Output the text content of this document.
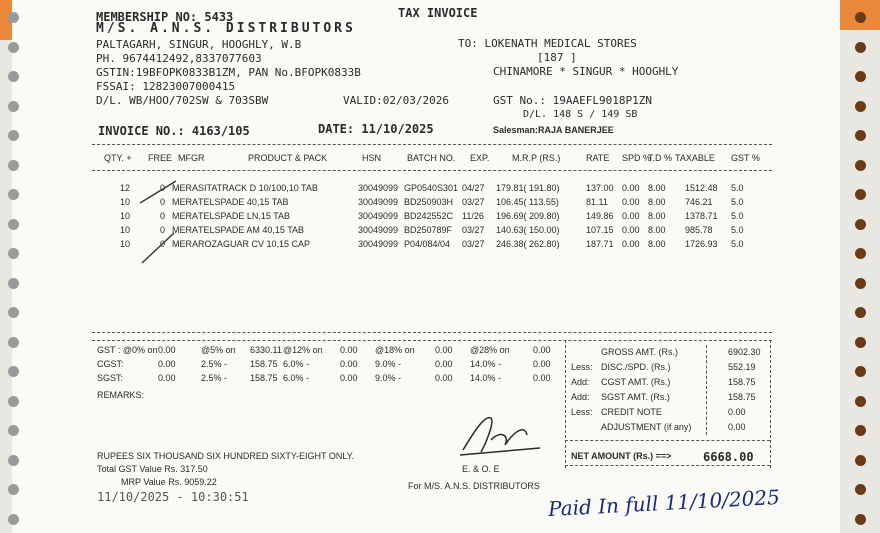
TAX INVOICE
MEMBERSHIP NO: 5433
M/S. A.N.S. DISTRIBUTORS
PALTAGARH, SINGUR, HOOGHLY, W.B
PH. 9674412492,8337077603
GSTIN:19BFOPK0833B1ZM, PAN No.BFOPK0833B
FSSAI: 12823007000415
D/L. WB/HOO/702SW & 703SBW	VALID:02/03/2026
TO: LOKENATH MEDICAL STORES
[187 ]
CHINAMORE * SINGUR * HOOGHLY
GST No.: 19AAEFL9018P1ZN
D/L. 148 S / 149 SB
INVOICE NO.: 4163/105	DATE: 11/10/2025	Salesman:RAJA BANERJEE
QTY. + FREE MFGR	PRODUCT & PACK	HSN	BATCH NO. EXP.	M.R.P (RS.)	RATE SPD %
T.D % TAXABLE GST %
12	0 MERA SITATRACK D 10/100,10 TAB	30049099 GP0540S301 04/27 179.81( 191.80)	137.00 0.00 8.00 1512.48 5.0
10	0 MERA TELSPADE 40,15 TAB	30049099 BD250903H 03/27 106.45( 113.55)	81.11 0.00 8.00 746.21 5.0
10	0 MERA TELSPADE LN,15 TAB	30049099 BD242552C 11/26 196.69( 209.80)	149.86 0.00 8.00 1378.71 5.0
10	0 MERA TELSPADE AM 40,15 TAB	30049099 BD250789F 03/27 140.63( 150.00)	107.15 0.00 8.00 985.78 5.0
10	0 MERA ROZAGUAR CV 10,15 CAP	30049099 P04/084/04 03/27 246.38( 262.80)	187.71 0.00 8.00 1726.93 5.0
GST : @0% on 0.00	@5% on 6330.11 @12% on 0.00 @18% on 0.00 @28% on	0.00
CGST:	0.00	2.5% -	158.75 6.0% -	0.00 9.0% -	0.00 14.0% -	0.00
SGST:	0.00	2.5% -	158.75 6.0% -	0.00 9.0% -	0.00 14.0% -	0.00
REMARKS:
GROSS AMT. (Rs.)	6902.30
Less: DISC./SPD. (Rs.)	552.19
Add: CGST AMT. (Rs.)	158.75
Add: SGST AMT. (Rs.)	158.75
Less: CREDIT NOTE	0.00
ADJUSTMENT (if any)	0.00
NET AMOUNT (Rs.) ==>	6668.00
RUPEES SIX THOUSAND SIX HUNDRED SIXTY-EIGHT ONLY.
Total GST Value Rs. 317.50
MRP Value Rs. 9059.22
11/10/2025 - 10:30:51
E. & O. E
For M/S. A.N.S. DISTRIBUTORS Paid In full 11/10/2025
